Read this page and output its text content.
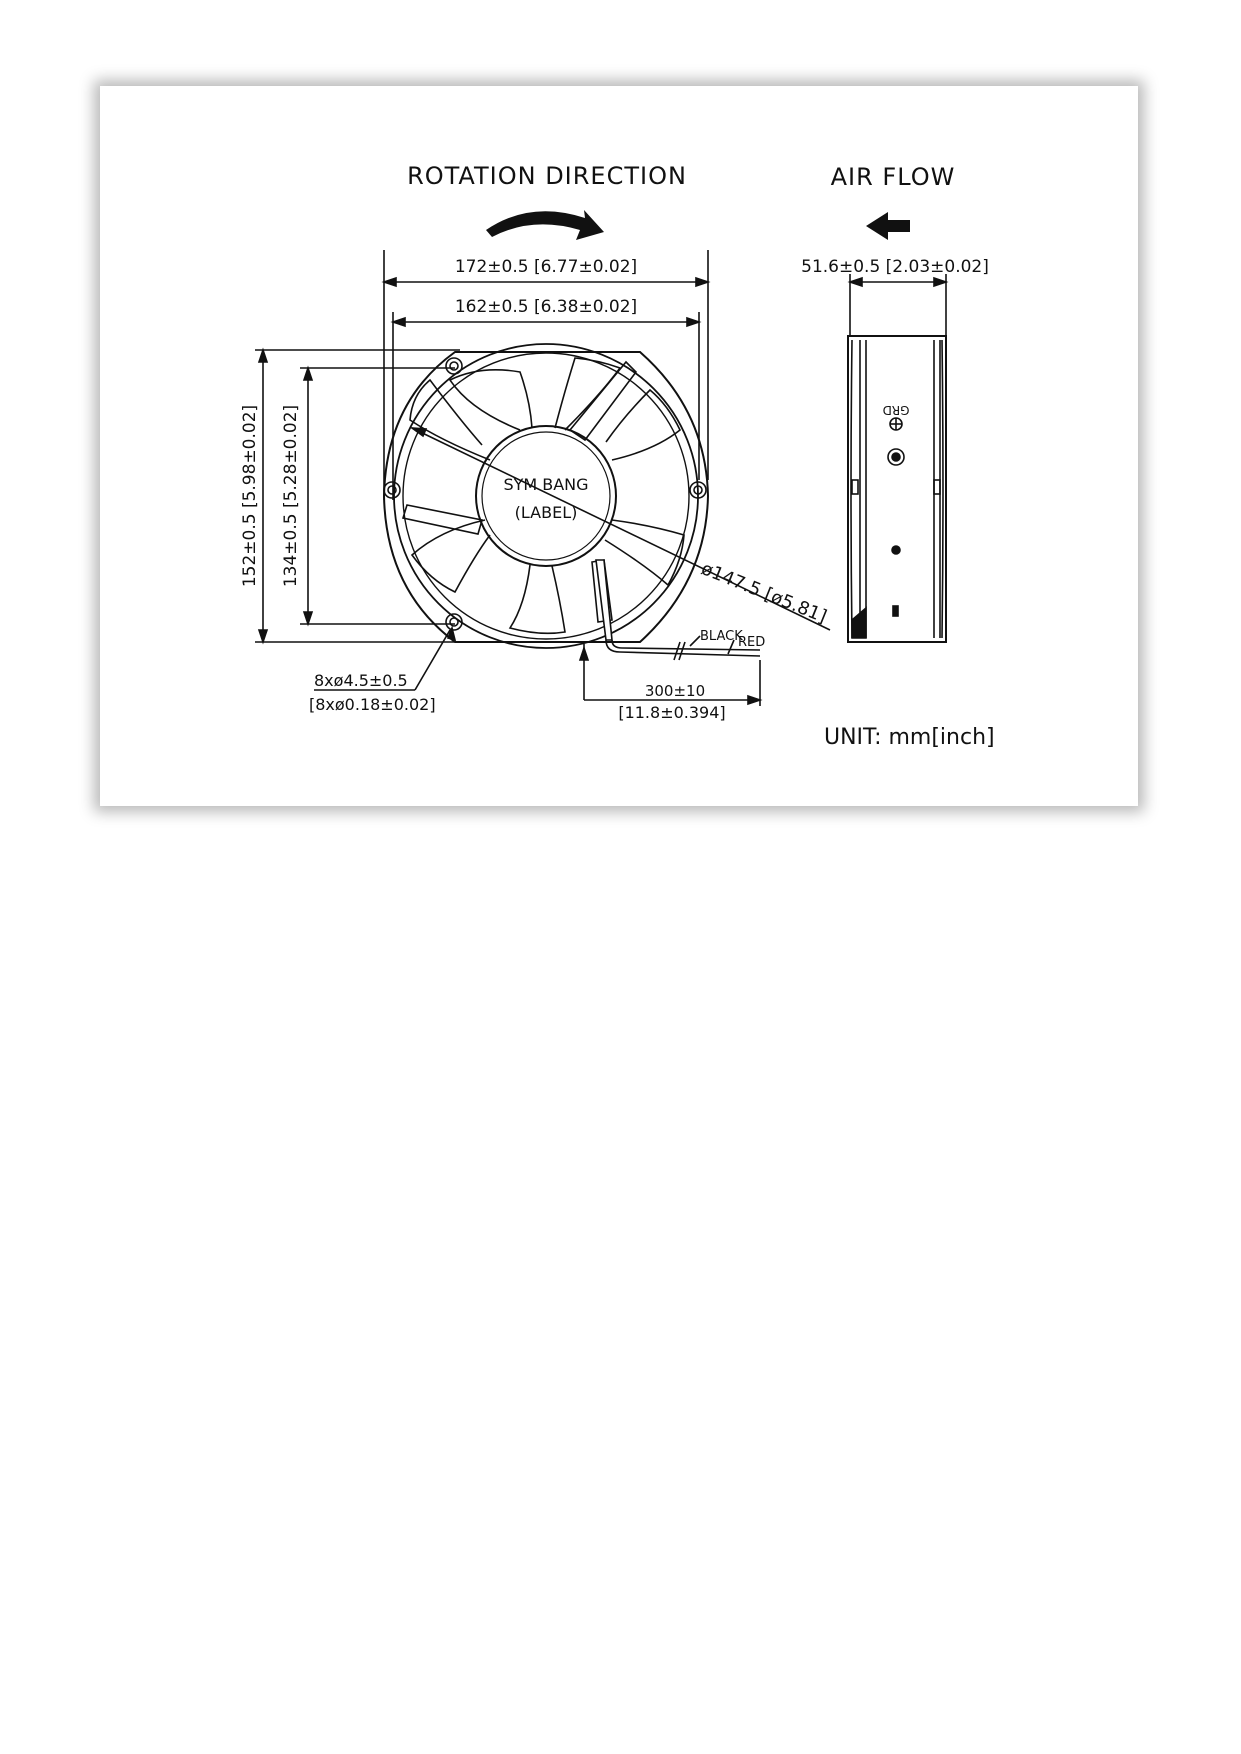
ROTATION DIRECTION	AIR FLOW
172±0.5 [6.77±0.02]
162±0.5 [6.38±0.02]
152±0.5 [5.98±0.02] 134±0.5 [5.28±0.02]	SYM BANG
(LABEL)
ø147.5 [ø5.81]
8xø4.5±0.5
[8xø0.18±0.02]
BLACK
RED
300±10
[11.8±0.394]
51.6±0.5 [2.03±0.02]
GRD
UNIT: mm[inch]
